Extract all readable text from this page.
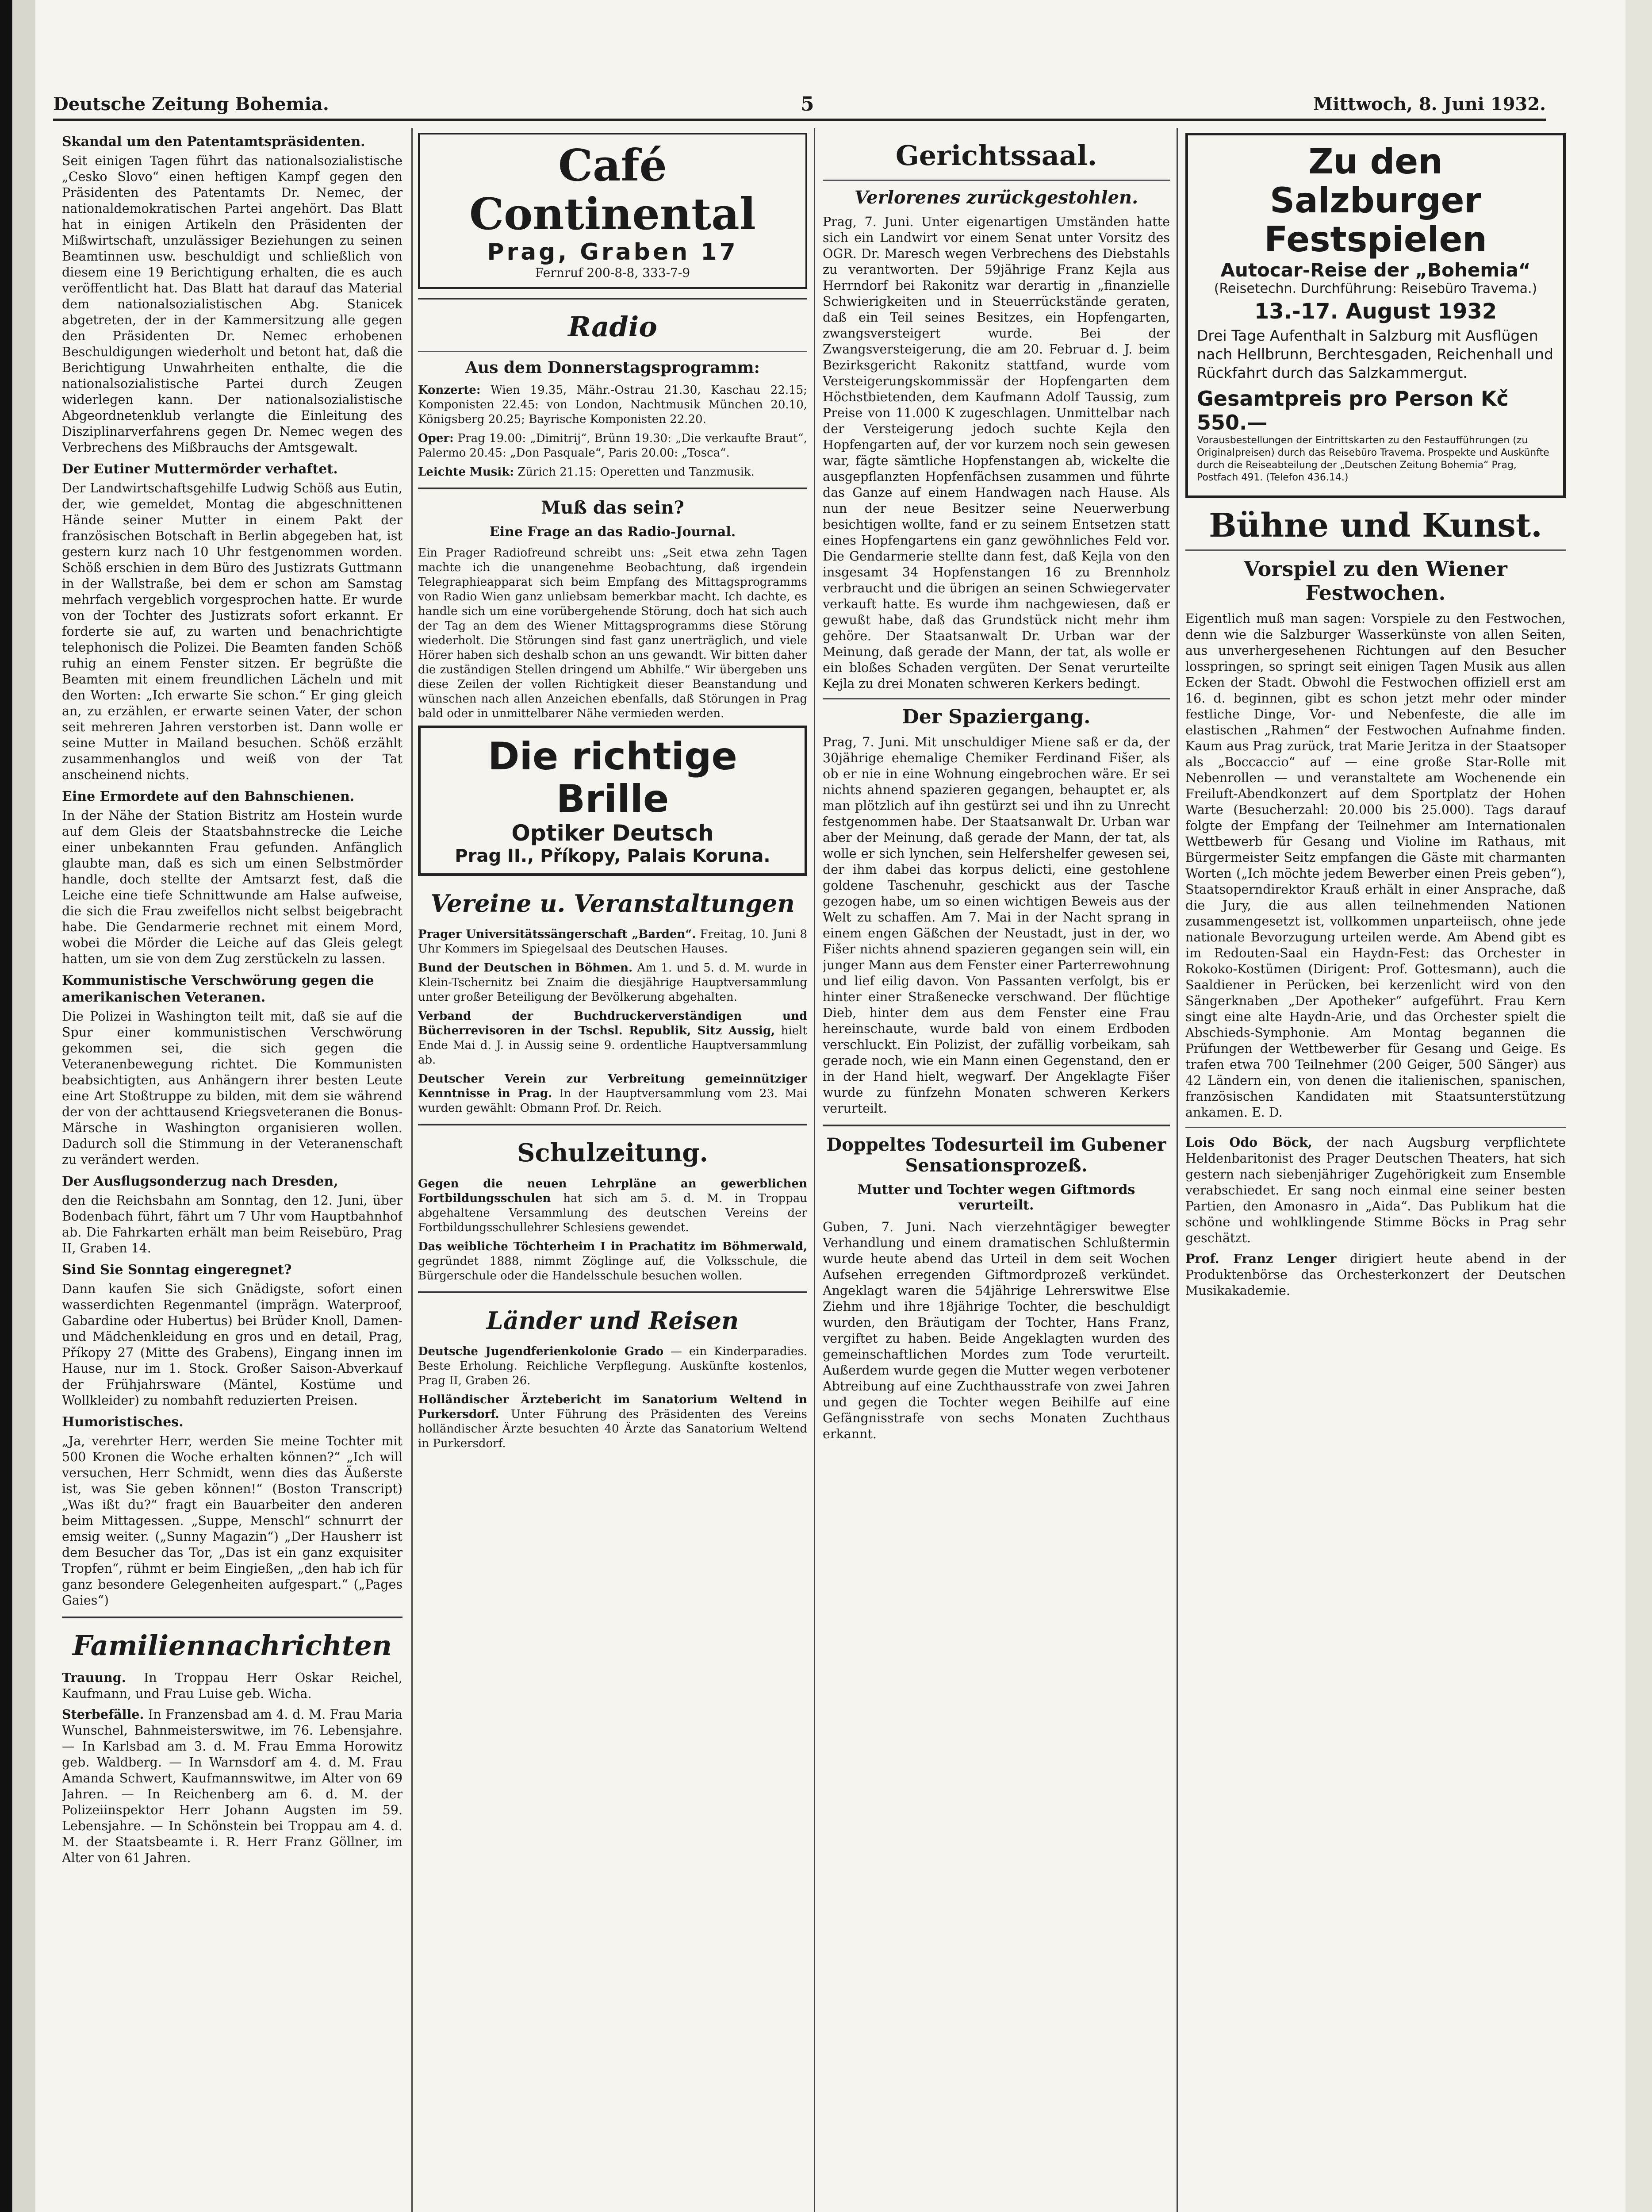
Deutsche Zeitung Bohemia.	5	Mittwoch, 8. Juni 1932.
Skandal um den Patentamtspräsidenten.

Seit einigen Tagen führt das nationalsozialistische „Cesko Slovo“ einen heftigen Kampf gegen den Präsidenten des Patentamts Dr. Nemec, der nationaldemokratischen Partei angehört. Das Blatt hat in einigen Artikeln den Präsidenten der Mißwirtschaft, unzulässiger Beziehungen zu seinen Beamtinnen usw. beschuldigt und schließlich von diesem eine 19 Berichtigung erhalten, die es auch veröffentlicht hat. Das Blatt hat darauf das Material dem nationalsozialistischen Abg. Stanicek abgetreten, der in der Kammersitzung alle gegen den Präsidenten Dr. Nemec erhobenen Beschuldigungen wiederholt und betont hat, daß die Berichtigung Unwahrheiten enthalte, die die nationalsozialistische Partei durch Zeugen widerlegen kann. Der nationalsozialistische Abgeordnetenklub verlangte die Einleitung des Disziplinarverfahrens gegen Dr. Nemec wegen des Verbrechens des Mißbrauchs der Amtsgewalt.

Der Eutiner Muttermörder verhaftet.

Der Landwirtschaftsgehilfe Ludwig Schöß aus Eutin, der, wie gemeldet, Montag die abgeschnittenen Hände seiner Mutter in einem Pakt der französischen Botschaft in Berlin abgegeben hat, ist gestern kurz nach 10 Uhr festgenommen worden. Schöß erschien in dem Büro des Justizrats Guttmann in der Wallstraße, bei dem er schon am Samstag mehrfach vergeblich vorgesprochen hatte. Er wurde von der Tochter des Justizrats sofort erkannt. Er forderte sie auf, zu warten und benachrichtigte telephonisch die Polizei. Die Beamten fanden Schöß ruhig an einem Fenster sitzen. Er begrüßte die Beamten mit einem freundlichen Lächeln und mit den Worten: „Ich erwarte Sie schon.“ Er ging gleich an, zu erzählen, er erwarte seinen Vater, der schon seit mehreren Jahren verstorben ist. Dann wolle er seine Mutter in Mailand besuchen. Schöß erzählt zusammenhanglos und weiß von der Tat anscheinend nichts.

Eine Ermordete auf den Bahnschienen.

In der Nähe der Station Bistritz am Hostein wurde auf dem Gleis der Staatsbahnstrecke die Leiche einer unbekannten Frau gefunden. Anfänglich glaubte man, daß es sich um einen Selbstmörder handle, doch stellte der Amtsarzt fest, daß die Leiche eine tiefe Schnittwunde am Halse aufweise, die sich die Frau zweifellos nicht selbst beigebracht habe. Die Gendarmerie rechnet mit einem Mord, wobei die Mörder die Leiche auf das Gleis gelegt hatten, um sie von dem Zug zerstückeln zu lassen.

Kommunistische Verschwörung gegen die amerikanischen Veteranen.

Die Polizei in Washington teilt mit, daß sie auf die Spur einer kommunistischen Verschwörung gekommen sei, die sich gegen die Veteranenbewegung richtet. Die Kommunisten beabsichtigten, aus Anhängern ihrer besten Leute eine Art Stoßtruppe zu bilden, mit dem sie während der von der achttausend Kriegsveteranen die Bonus-Märsche in Washington organisieren wollen. Dadurch soll die Stimmung in der Veteranenschaft zu verändert werden.

Der Ausflugsonderzug nach Dresden,

den die Reichsbahn am Sonntag, den 12. Juni, über Bodenbach führt, fährt um 7 Uhr vom Hauptbahnhof ab. Die Fahrkarten erhält man beim Reisebüro, Prag II, Graben 14.

Sind Sie Sonntag eingeregnet?

Dann kaufen Sie sich Gnädigste, sofort einen wasserdichten Regenmantel (imprägn. Waterproof, Gabardine oder Hubertus) bei Brüder Knoll, Damen- und Mädchenkleidung en gros und en detail, Prag, Příkopy 27 (Mitte des Grabens), Eingang innen im Hause, nur im 1. Stock. Großer Saison-Abverkauf der Frühjahrsware (Mäntel, Kostüme und Wollkleider) zu nombahft reduzierten Preisen.

Humoristisches.

„Ja, verehrter Herr, werden Sie meine Tochter mit 500 Kronen die Woche erhalten können?“ „Ich will versuchen, Herr Schmidt, wenn dies das Äußerste ist, was Sie geben können!“ (Boston Transcript) „Was ißt du?“ fragt ein Bauarbeiter den anderen beim Mittagessen. „Suppe, Menschl“ schnurrt der emsig weiter. („Sunny Magazin“) „Der Hausherr ist dem Besucher das Tor, „Das ist ein ganz exquisiter Tropfen“, rühmt er beim Eingießen, „den hab ich für ganz besondere Gelegenheiten aufgespart.“ („Pages Gaies“)

Familiennachrichten

Trauung. In Troppau Herr Oskar Reichel, Kaufmann, und Frau Luise geb. Wicha.

Sterbefälle. In Franzensbad am 4. d. M. Frau Maria Wunschel, Bahnmeisterswitwe, im 76. Lebensjahre. — In Karlsbad am 3. d. M. Frau Emma Horowitz geb. Waldberg. — In Warnsdorf am 4. d. M. Frau Amanda Schwert, Kaufmannswitwe, im Alter von 69 Jahren. — In Reichenberg am 6. d. M. der Polizeiinspektor Herr Johann Augsten im 59. Lebensjahre. — In Schönstein bei Troppau am 4. d. M. der Staatsbeamte i. R. Herr Franz Göllner, im Alter von 61 Jahren.

Café Continental
Prag, Graben 17
Fernruf 200-8-8, 333-7-9
Radio
Aus dem Donnerstagsprogramm:

Konzerte: Wien 19.35, Mähr.-Ostrau 21.30, Kaschau 22.15; Komponisten 22.45: von London, Nachtmusik München 20.10, Königsberg 20.25; Bayrische Komponisten 22.20.

Oper: Prag 19.00: „Dimitrij“, Brünn 19.30: „Die verkaufte Braut“, Palermo 20.45: „Don Pasquale“, Paris 20.00: „Tosca“.

Leichte Musik: Zürich 21.15: Operetten und Tanzmusik.

Muß das sein?
Eine Frage an das Radio-Journal.

Ein Prager Radiofreund schreibt uns: „Seit etwa zehn Tagen machte ich die unangenehme Beobachtung, daß irgendein Telegraphieapparat sich beim Empfang des Mittagsprogramms von Radio Wien ganz unliebsam bemerkbar macht. Ich dachte, es handle sich um eine vorübergehende Störung, doch hat sich auch der Tag an dem des Wiener Mittagsprogramms diese Störung wiederholt. Die Störungen sind fast ganz unerträglich, und viele Hörer haben sich deshalb schon an uns gewandt. Wir bitten daher die zuständigen Stellen dringend um Abhilfe.“ Wir übergeben uns diese Zeilen der vollen Richtigkeit dieser Beanstandung und wünschen nach allen Anzeichen ebenfalls, daß Störungen in Prag bald oder in unmittelbarer Nähe vermieden werden.

Die richtige Brille
Optiker Deutsch
Prag II., Příkopy, Palais Koruna.
Vereine u. Veranstaltungen

Prager Universitätssängerschaft „Barden“. Freitag, 10. Juni 8 Uhr Kommers im Spiegelsaal des Deutschen Hauses.

Bund der Deutschen in Böhmen. Am 1. und 5. d. M. wurde in Klein-Tschernitz bei Znaim die diesjährige Hauptversammlung unter großer Beteiligung der Bevölkerung abgehalten.

Verband der Buchdruckerverständigen und Bücherrevisoren in der Tschsl. Republik, Sitz Aussig, hielt Ende Mai d. J. in Aussig seine 9. ordentliche Hauptversammlung ab.

Deutscher Verein zur Verbreitung gemeinnütziger Kenntnisse in Prag. In der Hauptversammlung vom 23. Mai wurden gewählt: Obmann Prof. Dr. Reich.

Schulzeitung.

Gegen die neuen Lehrpläne an gewerblichen Fortbildungsschulen hat sich am 5. d. M. in Troppau abgehaltene Versammlung des deutschen Vereins der Fortbildungsschullehrer Schlesiens gewendet.

Das weibliche Töchterheim I in Prachatitz im Böhmerwald, gegründet 1888, nimmt Zöglinge auf, die Volksschule, die Bürgerschule oder die Handelsschule besuchen wollen.

Länder und Reisen

Deutsche Jugendferienkolonie Grado — ein Kinderparadies. Beste Erholung. Reichliche Verpflegung. Auskünfte kostenlos, Prag II, Graben 26.

Holländischer Ärztebericht im Sanatorium Weltend in Purkersdorf. Unter Führung des Präsidenten des Vereins holländischer Ärzte besuchten 40 Ärzte das Sanatorium Weltend in Purkersdorf.

Gerichtssaal.
Verlorenes zurückgestohlen.

Prag, 7. Juni. Unter eigenartigen Umständen hatte sich ein Landwirt vor einem Senat unter Vorsitz des OGR. Dr. Maresch wegen Verbrechens des Diebstahls zu verantworten. Der 59jährige Franz Kejla aus Herrndorf bei Rakonitz war derartig in „finanzielle Schwierigkeiten und in Steuerrückstände geraten, daß ein Teil seines Besitzes, ein Hopfengarten, zwangsversteigert wurde. Bei der Zwangsversteigerung, die am 20. Februar d. J. beim Bezirksgericht Rakonitz stattfand, wurde vom Versteigerungskommissär der Hopfengarten dem Höchstbietenden, dem Kaufmann Adolf Taussig, zum Preise von 11.000 K zugeschlagen. Unmittelbar nach der Versteigerung jedoch suchte Kejla den Hopfengarten auf, der vor kurzem noch sein gewesen war, fägte sämtliche Hopfenstangen ab, wickelte die ausgepflanzten Hopfenfächsen zusammen und führte das Ganze auf einem Handwagen nach Hause. Als nun der neue Besitzer seine Neuerwerbung besichtigen wollte, fand er zu seinem Entsetzen statt eines Hopfengartens ein ganz gewöhnliches Feld vor. Die Gendarmerie stellte dann fest, daß Kejla von den insgesamt 34 Hopfenstangen 16 zu Brennholz verbraucht und die übrigen an seinen Schwiegervater verkauft hatte. Es wurde ihm nachgewiesen, daß er gewußt habe, daß das Grundstück nicht mehr ihm gehöre. Der Staatsanwalt Dr. Urban war der Meinung, daß gerade der Mann, der tat, als wolle er ein bloßes Schaden vergüten. Der Senat verurteilte Kejla zu drei Monaten schweren Kerkers bedingt.

Der Spaziergang.

Prag, 7. Juni. Mit unschuldiger Miene saß er da, der 30jährige ehemalige Chemiker Ferdinand Fišer, als ob er nie in eine Wohnung eingebrochen wäre. Er sei nichts ahnend spazieren gegangen, behauptet er, als man plötzlich auf ihn gestürzt sei und ihn zu Unrecht festgenommen habe. Der Staatsanwalt Dr. Urban war aber der Meinung, daß gerade der Mann, der tat, als wolle er sich lynchen, sein Helfershelfer gewesen sei, der ihm dabei das korpus delicti, eine gestohlene goldene Taschenuhr, geschickt aus der Tasche gezogen habe, um so einen wichtigen Beweis aus der Welt zu schaffen. Am 7. Mai in der Nacht sprang in einem engen Gäßchen der Neustadt, just in der, wo Fišer nichts ahnend spazieren gegangen sein will, ein junger Mann aus dem Fenster einer Parterrewohnung und lief eilig davon. Von Passanten verfolgt, bis er hinter einer Straßenecke verschwand. Der flüchtige Dieb, hinter dem aus dem Fenster eine Frau hereinschaute, wurde bald von einem Erdboden verschluckt. Ein Polizist, der zufällig vorbeikam, sah gerade noch, wie ein Mann einen Gegenstand, den er in der Hand hielt, wegwarf. Der Angeklagte Fišer wurde zu fünfzehn Monaten schweren Kerkers verurteilt.

Doppeltes Todesurteil im Gubener Sensationsprozeß.
Mutter und Tochter wegen Giftmords verurteilt.

Guben, 7. Juni. Nach vierzehntägiger bewegter Verhandlung und einem dramatischen Schlußtermin wurde heute abend das Urteil in dem seit Wochen Aufsehen erregenden Giftmordprozeß verkündet. Angeklagt waren die 54jährige Lehrerswitwe Else Ziehm und ihre 18jährige Tochter, die beschuldigt wurden, den Bräutigam der Tochter, Hans Franz, vergiftet zu haben. Beide Angeklagten wurden des gemeinschaftlichen Mordes zum Tode verurteilt. Außerdem wurde gegen die Mutter wegen verbotener Abtreibung auf eine Zuchthausstrafe von zwei Jahren und gegen die Tochter wegen Beihilfe auf eine Gefängnisstrafe von sechs Monaten Zuchthaus erkannt.

Zu den Salzburger Festspielen
Autocar-Reise der „Bohemia“
(Reisetechn. Durchführung: Reisebüro Travema.)
13.-17. August 1932

Drei Tage Aufenthalt in Salzburg mit Ausflügen nach Hellbrunn, Berchtesgaden, Reichenhall und Rückfahrt durch das Salzkammergut.

Gesamtpreis pro Person Kč 550.—

Vorausbestellungen der Eintrittskarten zu den Festaufführungen (zu Originalpreisen) durch das Reisebüro Travema. Prospekte und Auskünfte durch die Reiseabteilung der „Deutschen Zeitung Bohemia“ Prag, Postfach 491. (Telefon 436.14.)

Bühne und Kunst.
Vorspiel zu den Wiener Festwochen.

Eigentlich muß man sagen: Vorspiele zu den Festwochen, denn wie die Salzburger Wasserkünste von allen Seiten, aus unverhergesehenen Richtungen auf den Besucher losspringen, so springt seit einigen Tagen Musik aus allen Ecken der Stadt. Obwohl die Festwochen offiziell erst am 16. d. beginnen, gibt es schon jetzt mehr oder minder festliche Dinge, Vor- und Nebenfeste, die alle im elastischen „Rahmen“ der Festwochen Aufnahme finden. Kaum aus Prag zurück, trat Marie Jeritza in der Staatsoper als „Boccaccio“ auf — eine große Star-Rolle mit Nebenrollen — und veranstaltete am Wochenende ein Freiluft-Abendkonzert auf dem Sportplatz der Hohen Warte (Besucherzahl: 20.000 bis 25.000). Tags darauf folgte der Empfang der Teilnehmer am Internationalen Wettbewerb für Gesang und Violine im Rathaus, mit Bürgermeister Seitz empfangen die Gäste mit charmanten Worten („Ich möchte jedem Bewerber einen Preis geben“), Staatsoperndirektor Krauß erhält in einer Ansprache, daß die Jury, die aus allen teilnehmenden Nationen zusammengesetzt ist, vollkommen unparteiisch, ohne jede nationale Bevorzugung urteilen werde. Am Abend gibt es im Redouten-Saal ein Haydn-Fest: das Orchester in Rokoko-Kostümen (Dirigent: Prof. Gottesmann), auch die Saaldiener in Perücken, bei kerzenlicht wird von den Sängerknaben „Der Apotheker“ aufgeführt. Frau Kern singt eine alte Haydn-Arie, und das Orchester spielt die Abschieds-Symphonie. Am Montag begannen die Prüfungen der Wettbewerber für Gesang und Geige. Es trafen etwa 700 Teilnehmer (200 Geiger, 500 Sänger) aus 42 Ländern ein, von denen die italienischen, spanischen, französischen Kandidaten mit Staatsunterstützung ankamen. E. D.

Lois Odo Böck, der nach Augsburg verpflichtete Heldenbaritonist des Prager Deutschen Theaters, hat sich gestern nach siebenjähriger Zugehörigkeit zum Ensemble verabschiedet. Er sang noch einmal eine seiner besten Partien, den Amonasro in „Aida“. Das Publikum hat die schöne und wohlklingende Stimme Böcks in Prag sehr geschätzt.

Prof. Franz Lenger dirigiert heute abend in der Produktenbörse das Orchesterkonzert der Deutschen Musikakademie.
